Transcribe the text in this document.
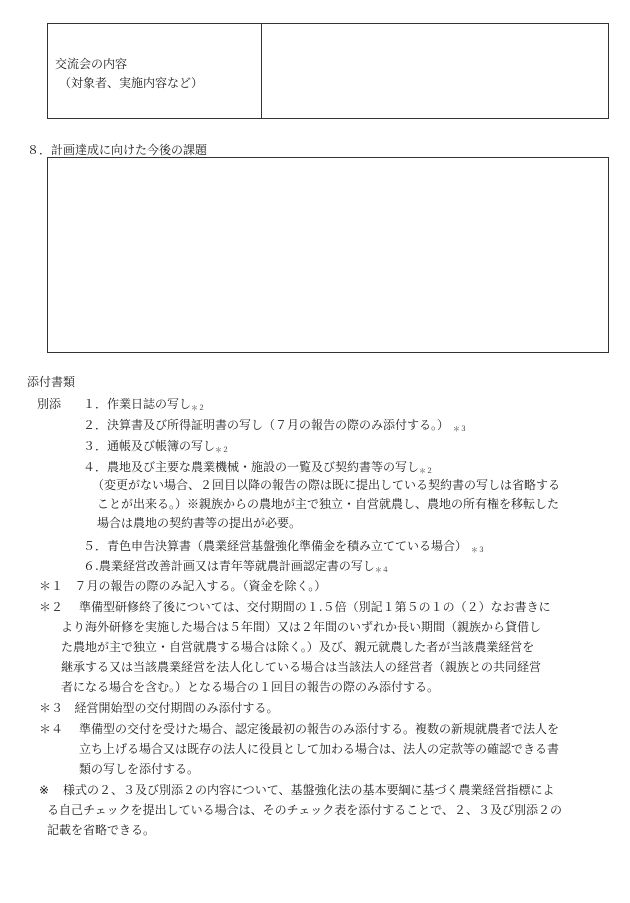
交流会の内容
（対象者、実施内容など）
８．計画達成に向けた今後の課題
添付書類
別添 １．作業日誌の写し$_{*2}$
２．決算書及び所得証明書の写し（７月の報告の際のみ添付する。） $_{*3}$
３．通帳及び帳簿の写し$_{*2}$
４．農地及び主要な農業機械・施設の一覧及び契約書等の写し$_{*2}$
（変更がない場合、２回目以降の報告の際は既に提出している契約書の写しは省略する
ことが出来る。）※親族からの農地が主で独立・自営就農し、農地の所有権を移転した
場合は農地の契約書等の提出が必要。
５．青色申告決算書（農業経営基盤強化準備金を積み立てている場合） $_{*3}$
６.農業経営改善計画又は青年等就農計画認定書の写し$_{*4}$
＊１ ７月の報告の際のみ記入する。（資金を除く。）
＊２ 準備型研修終了後については、交付期間の１.５倍（別記１第５の１の（２）なお書きに
より海外研修を実施した場合は５年間）又は２年間のいずれか長い期間（親族から貸借し
た農地が主で独立・自営就農する場合は除く。）及び、親元就農した者が当該農業経営を
継承する又は当該農業経営を法人化している場合は当該法人の経営者（親族との共同経営
者になる場合を含む。）となる場合の１回目の報告の際のみ添付する。
＊３ 経営開始型の交付期間のみ添付する。
＊４ 準備型の交付を受けた場合、認定後最初の報告のみ添付する。複数の新規就農者で法人を
立ち上げる場合又は既存の法人に役員として加わる場合は、法人の定款等の確認できる書
類の写しを添付する。
※ 様式の２、３及び別添２の内容について、基盤強化法の基本要綱に基づく農業経営指標によ
る自己チェックを提出している場合は、そのチェック表を添付することで、２、３及び別添２の
記載を省略できる。
